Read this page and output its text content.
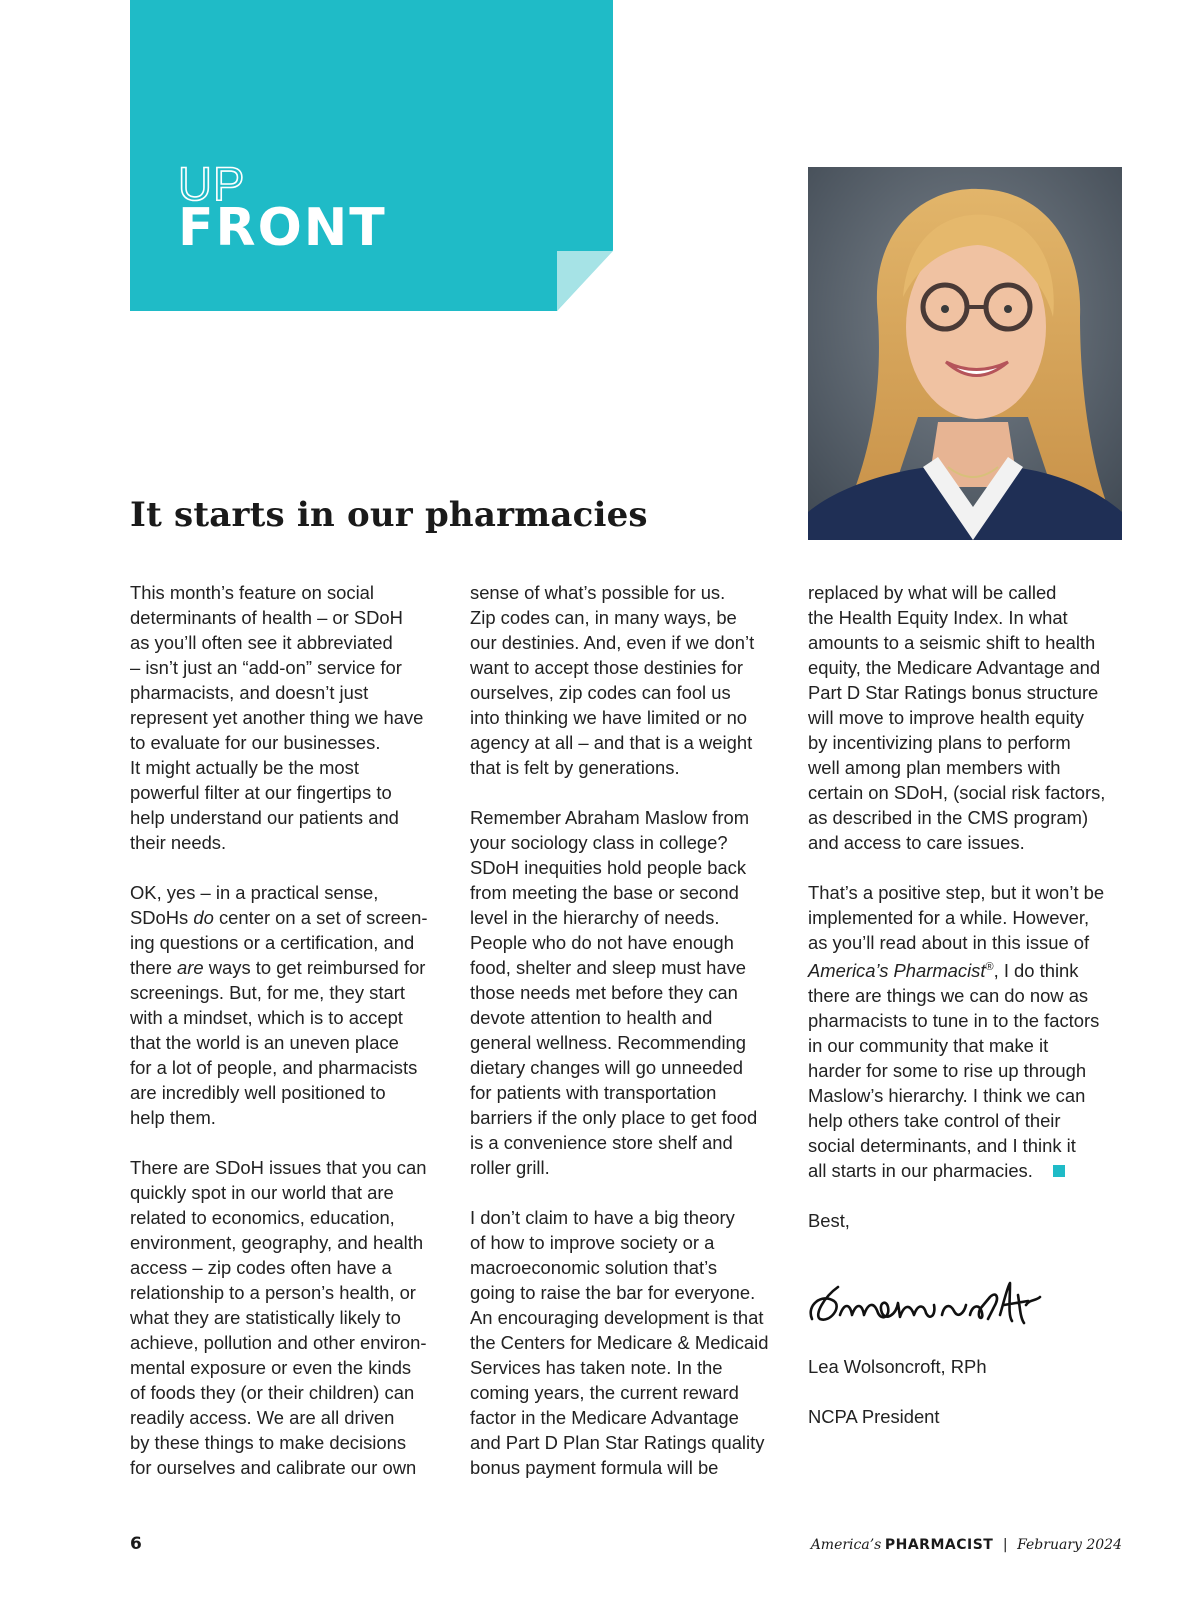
UP
FRONT
It starts in our pharmacies

This month’s feature on social
determinants of health – or SDoH
as you’ll often see it abbreviated
– isn’t just an “add-on” service for
pharmacists, and doesn’t just
represent yet another thing we have
to evaluate for our businesses.
It might actually be the most
powerful filter at our fingertips to
help understand our patients and
their needs.

OK, yes – in a practical sense,
SDoHs do center on a set of screen-
ing questions or a certification, and
there are ways to get reimbursed for
screenings. But, for me, they start
with a mindset, which is to accept
that the world is an uneven place
for a lot of people, and pharmacists
are incredibly well positioned to
help them.

There are SDoH issues that you can
quickly spot in our world that are
related to economics, education,
environment, geography, and health
access – zip codes often have a
relationship to a person’s health, or
what they are statistically likely to
achieve, pollution and other environ-
mental exposure or even the kinds
of foods they (or their children) can
readily access. We are all driven
by these things to make decisions
for ourselves and calibrate our own

sense of what’s possible for us.
Zip codes can, in many ways, be
our destinies. And, even if we don’t
want to accept those destinies for
ourselves, zip codes can fool us
into thinking we have limited or no
agency at all – and that is a weight
that is felt by generations.

Remember Abraham Maslow from
your sociology class in college?
SDoH inequities hold people back
from meeting the base or second
level in the hierarchy of needs.
People who do not have enough
food, shelter and sleep must have
those needs met before they can
devote attention to health and
general wellness. Recommending
dietary changes will go unneeded
for patients with transportation
barriers if the only place to get food
is a convenience store shelf and
roller grill.

I don’t claim to have a big theory
of how to improve society or a
macroeconomic solution that’s
going to raise the bar for everyone.
An encouraging development is that
the Centers for Medicare & Medicaid
Services has taken note. In the
coming years, the current reward
factor in the Medicare Advantage
and Part D Plan Star Ratings quality
bonus payment formula will be

replaced by what will be called
the Health Equity Index. In what
amounts to a seismic shift to health
equity, the Medicare Advantage and
Part D Star Ratings bonus structure
will move to improve health equity
by incentivizing plans to perform
well among plan members with
certain on SDoH, (social risk factors,
as described in the CMS program)
and access to care issues.

That’s a positive step, but it won’t be
implemented for a while. However,
as you’ll read about in this issue of
America’s Pharmacist®, I do think
there are things we can do now as
pharmacists to tune in to the factors
in our community that make it
harder for some to rise up through
Maslow’s hierarchy. I think we can
help others take control of their
social determinants, and I think it
all starts in our pharmacies.

Best,

Lea Wolsoncroft, RPh

NCPA President

6	America’s PHARMACIST | February 2024
